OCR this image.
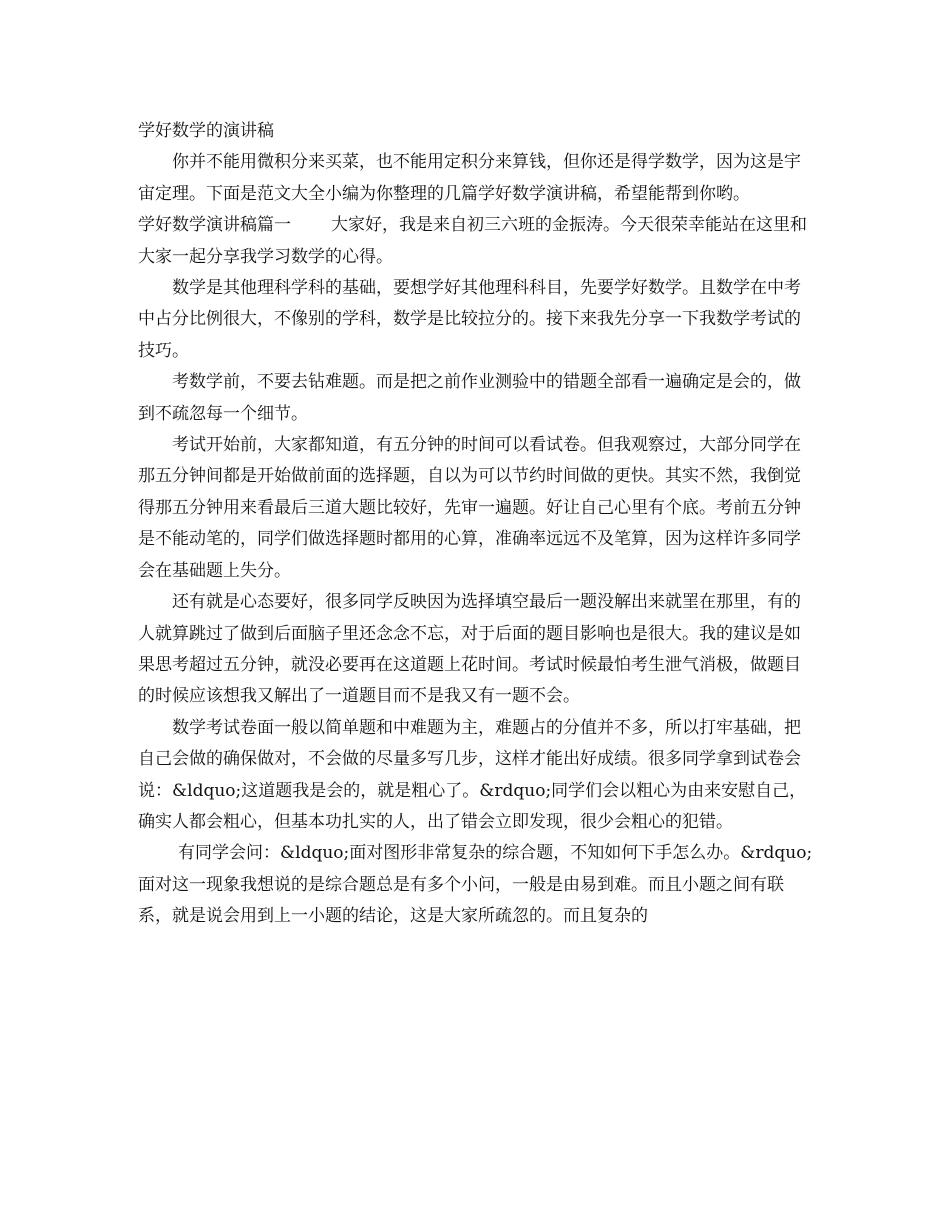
学好数学的演讲稿

你并不能用微积分来买菜，也不能用定积分来算钱，但你还是得学数学，因为这是宇宙定理。下面是范文大全小编为你整理的几篇学好数学演讲稿，希望能帮到你哟。

学好数学演讲稿篇一 大家好，我是来自初三六班的金振涛。今天很荣幸能站在这里和大家一起分享我学习数学的心得。

数学是其他理科学科的基础，要想学好其他理科科目，先要学好数学。且数学在中考中占分比例很大，不像别的学科，数学是比较拉分的。接下来我先分享一下我数学考试的技巧。

考数学前，不要去钻难题。而是把之前作业测验中的错题全部看一遍确定是会的，做到不疏忽每一个细节。

考试开始前，大家都知道，有五分钟的时间可以看试卷。但我观察过，大部分同学在那五分钟间都是开始做前面的选择题，自以为可以节约时间做的更快。其实不然，我倒觉得那五分钟用来看最后三道大题比较好，先审一遍题。好让自己心里有个底。考前五分钟是不能动笔的，同学们做选择题时都用的心算，准确率远远不及笔算，因为这样许多同学会在基础题上失分。

还有就是心态要好，很多同学反映因为选择填空最后一题没解出来就罣在那里，有的人就算跳过了做到后面脑子里还念念不忘，对于后面的题目影响也是很大。我的建议是如果思考超过五分钟，就没必要再在这道题上花时间。考试时候最怕考生泄气消极，做题目的时候应该想我又解出了一道题目而不是我又有一题不会。

数学考试卷面一般以简单题和中难题为主，难题占的分值并不多，所以打牢基础，把自己会做的确保做对，不会做的尽量多写几步，这样才能出好成绩。很多同学拿到试卷会说：&ldquo;这道题我是会的，就是粗心了。&rdquo;同学们会以粗心为由来安慰自己，确实人都会粗心，但基本功扎实的人，出了错会立即发现，很少会粗心的犯错。

有同学会问：&ldquo;面对图形非常复杂的综合题，不知如何下手怎么办。&rdquo;面对这一现象我想说的是综合题总是有多个小问，一般是由易到难。而且小题之间有联系，就是说会用到上一小题的结论，这是大家所疏忽的。而且复杂的
